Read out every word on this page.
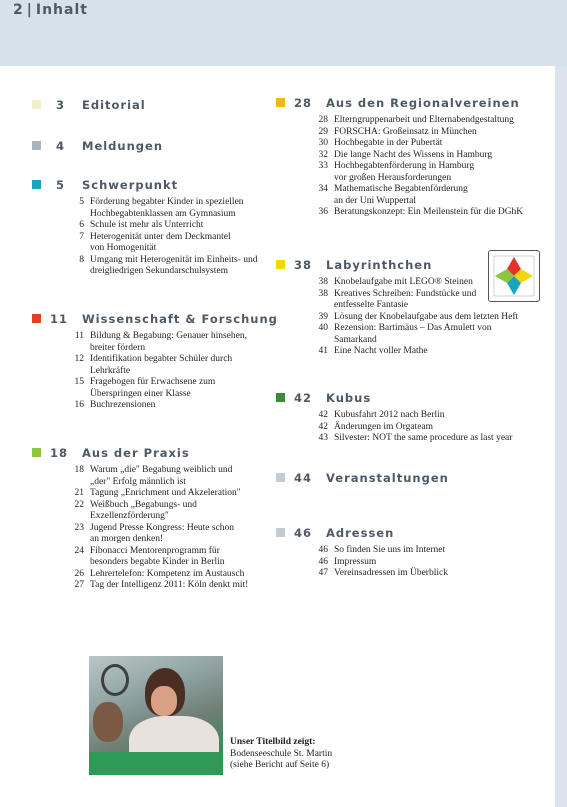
2 | Inhalt
3 Editorial
4 Meldungen
5 Schwerpunkt
5 Förderung begabter Kinder in speziellen
Hochbegabtenklassen am Gymnasium
6 Schule ist mehr als Unterricht
7 Heterogenität unter dem Deckmantel
von Homogenität
8 Umgang mit Heterogenität im Einheits- und
dreigliedrigen Sekundarschulsystem
11 Wissenschaft & Forschung
11 Bildung & Begabung: Genauer hinsehen,
breiter fördern
12 Identifikation begabter Schüler durch
Lehrkräfte
15 Fragebogen für Erwachsene zum
Überspringen einer Klasse
16 Buchrezensionen
18 Aus der Praxis
18 Warum „die" Begabung weiblich und
„der" Erfolg männlich ist
21 Tagung „Enrichment und Akzeleration"
22 Weißbuch „Begabungs- und
Exzellenzförderung"
23 Jugend Presse Kongress: Heute schon
an morgen denken!
24 Fibonacci Mentorenprogramm für
besonders begabte Kinder in Berlin
26 Lehrertelefon: Kompetenz im Austausch
27 Tag der Intelligenz 2011: Köln denkt mit!
28 Aus den Regionalvereinen
28 Elterngruppenarbeit und Elternabendgestaltung
29 FORSCHA: Großeinsatz in München
30 Hochbegabte in der Pubertät
32 Die lange Nacht des Wissens in Hamburg
33 Hochbegabtenförderung in Hamburg
vor großen Herausforderungen
34 Mathematische Begabtenförderung
an der Uni Wuppertal
36 Beratungskonzept: Ein Meilenstein für die DGhK
38 Labyrinthchen
38 Knobelaufgabe mit LEGO® Steinen
38 Kreatives Schreiben: Fundstücke und
entfesselte Fantasie
39 Lösung der Knobelaufgabe aus dem letzten Heft
40 Rezension: Bartimäus – Das Amulett von
Samarkand
41 Eine Nacht voller Mathe
42 Kubus
42 Kubusfahrt 2012 nach Berlin
42 Änderungen im Orgateam
43 Silvester: NOT the same procedure as last year
44 Veranstaltungen
46 Adressen
46 So finden Sie uns im Internet
46 Impressum
47 Vereinsadressen im Überblick
Unser Titelbild zeigt:
Bodenseeschule St. Martin
(siehe Bericht auf Seite 6)
